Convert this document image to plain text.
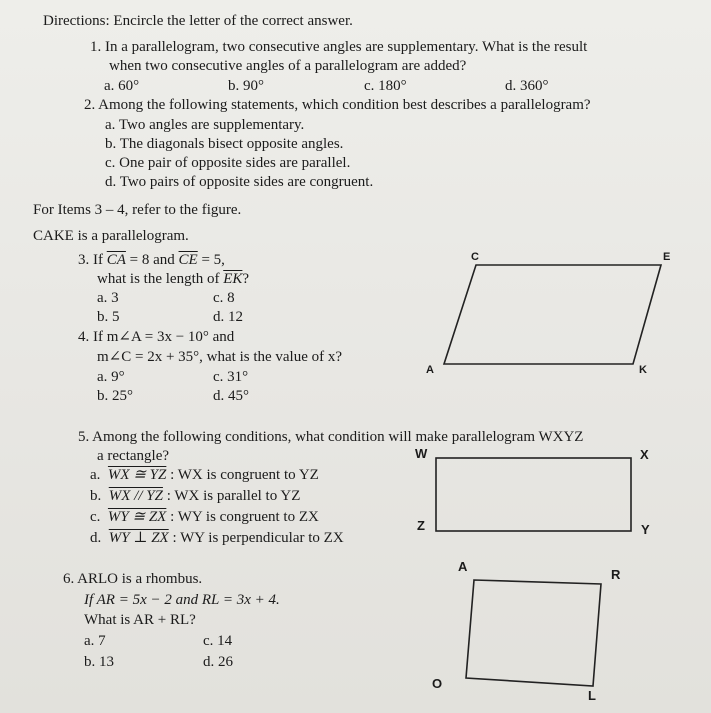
Directions: Encircle the letter of the correct answer.
1. In a parallelogram, two consecutive angles are supplementary. What is the result
when two consecutive angles of a parallelogram are added?
a. 60°	b. 90°	c. 180°	d. 360°
2. Among the following statements, which condition best describes a parallelogram?
a. Two angles are supplementary.
b. The diagonals bisect opposite angles.
c. One pair of opposite sides are parallel.
d. Two pairs of opposite sides are congruent.
For Items 3 – 4, refer to the figure.
CAKE is a parallelogram.
3. If $\overline{CA} = 8$ and $\overline{CE} = 5$,
what is the length of $\overline{EK}$?
a. 3	c. 8
b. 5	d. 12
4. If m∠A = 3x − 10° and
m∠C = 2x + 35°, what is the value of x?
a. 9°	c. 31°
b. 25°	d. 45°
5. Among the following conditions, what condition will make parallelogram WXYZ
a rectangle?
a. WX ≅ YZ : WX is congruent to YZ
b. WX // YZ : WX is parallel to YZ
c. WY ≅ ZX : WY is congruent to ZX
d. WY ⊥ ZX : WY is perpendicular to ZX
6. ARLO is a rhombus.
If AR = 5x − 2 and RL = 3x + 4.
What is AR + RL?
a. 7	c. 14
b. 13	d. 26
C	E
A	K
W	X
Z	Y
A
R
O
L
